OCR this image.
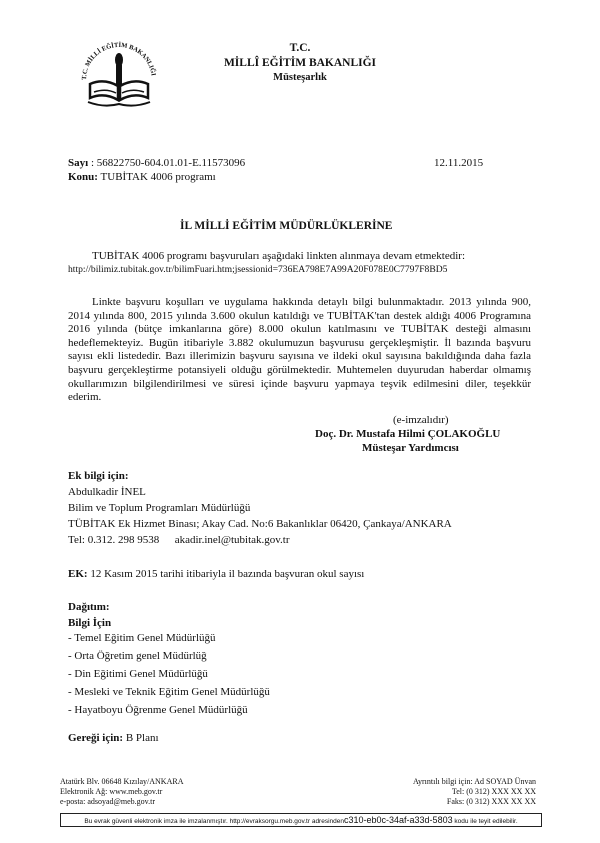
T.C. MİLLİ EĞİTİM BAKANLIĞI
T.C.
MİLLÎ EĞİTİM BAKANLIĞI
Müsteşarlık
Sayı : 56822750-604.01.01-E.11573096	12.11.2015
Konu: TUBİTAK 4006 programı
İL MİLLİ EĞİTİM MÜDÜRLÜKLERİNE
TUBİTAK 4006 programı başvuruları aşağıdaki linkten alınmaya devam etmektedir:
http://bilimiz.tubitak.gov.tr/bilimFuari.htm;jsessionid=736EA798E7A99A20F078E0C7797F8BD5
Linkte başvuru koşulları ve uygulama hakkında detaylı bilgi bulunmaktadır. 2013 yılında 900, 2014 yılında 800, 2015 yılında 3.600 okulun katıldığı ve TUBİTAK'tan destek aldığı 4006 Programına 2016 yılında (bütçe imkanlarına göre) 8.000 okulun katılmasını ve TUBİTAK desteği almasını hedeflemekteyiz. Bugün itibariyle 3.882 okulumuzun başvurusu gerçekleşmiştir. İl bazında başvuru sayısı ekli listededir. Bazı illerimizin başvuru sayısına ve ildeki okul sayısına bakıldığında daha fazla başvuru gerçekleştirme potansiyeli olduğu görülmektedir. Muhtemelen duyurudan haberdar olmamış okullarımızın bilgilendirilmesi ve süresi içinde başvuru yapmaya teşvik edilmesini diler, teşekkür ederim.
(e-imzalıdır)
Doç. Dr. Mustafa Hilmi ÇOLAKOĞLU
Müsteşar Yardımcısı
Ek bilgi için:
Abdulkadir İNEL
Bilim ve Toplum Programları Müdürlüğü
TÜBİTAK Ek Hizmet Binası; Akay Cad. No:6 Bakanlıklar 06420, Çankaya/ANKARA
Tel: 0.312. 298 9538 akadir.inel@tubitak.gov.tr
EK: 12 Kasım 2015 tarihi itibariyla il bazında başvuran okul sayısı
Dağıtım:
Bilgi İçin
- Temel Eğitim Genel Müdürlüğü
- Orta Öğretim genel Müdürlüğ
- Din Eğitimi Genel Müdürlüğü
- Mesleki ve Teknik Eğitim Genel Müdürlüğü
- Hayatboyu Öğrenme Genel Müdürlüğü
Gereği için: B Planı
Atatürk Blv. 06648 Kızılay/ANKARA
Elektronik Ağ: www.meb.gov.tr
e-posta: adsoyad@meb.gov.tr
Ayrıntılı bilgi için: Ad SOYAD Ünvan
Tel: (0 312) XXX XX XX
Faks: (0 312) XXX XX XX
Bu evrak güvenli elektronik imza ile imzalanmıştır. http://evraksorgu.meb.gov.tr adresindenc310-eb0c-34af-a33d-5803 kodu ile teyit edilebilir.
